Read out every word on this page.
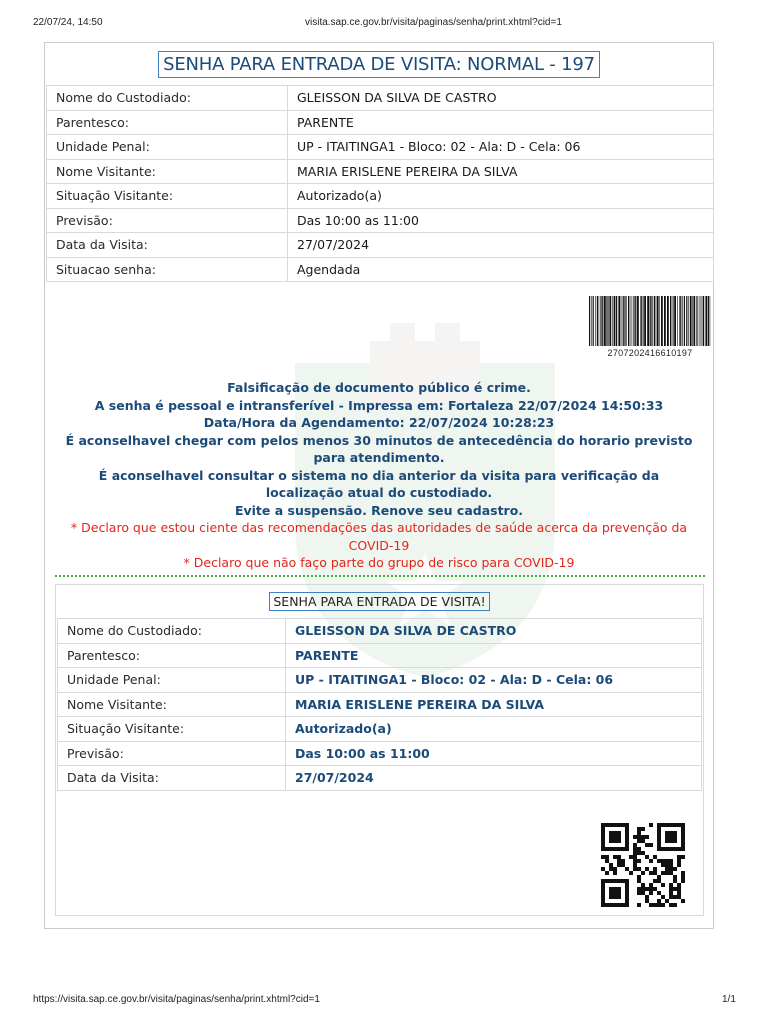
22/07/24, 14:50	visita.sap.ce.gov.br/visita/paginas/senha/print.xhtml?cid=1
SENHA PARA ENTRADA DE VISITA: NORMAL - 197
Nome do Custodiado:	GLEISSON DA SILVA DE CASTRO
Parentesco:	PARENTE
Unidade Penal:	UP - ITAITINGA1 - Bloco: 02 - Ala: D - Cela: 06
Nome Visitante:	MARIA ERISLENE PEREIRA DA SILVA
Situação Visitante:	Autorizado(a)
Previsão:	Das 10:00 as 11:00
Data da Visita:	27/07/2024
Situacao senha:	Agendada
2707202416610197
Falsificação de documento público é crime.
A senha é pessoal e intransferível - Impressa em: Fortaleza 22/07/2024 14:50:33 Data/Hora da Agendamento: 22/07/2024 10:28:23
É aconselhavel chegar com pelos menos 30 minutos de antecedência do horario previsto para atendimento.
É aconselhavel consultar o sistema no dia anterior da visita para verificação da localização atual do custodiado.
Evite a suspensão. Renove seu cadastro.
* Declaro que estou ciente das recomendações das autoridades de saúde acerca da prevenção da COVID-19
* Declaro que não faço parte do grupo de risco para COVID-19
SENHA PARA ENTRADA DE VISITA!
Nome do Custodiado:	GLEISSON DA SILVA DE CASTRO
Parentesco:	PARENTE
Unidade Penal:	UP - ITAITINGA1 - Bloco: 02 - Ala: D - Cela: 06
Nome Visitante:	MARIA ERISLENE PEREIRA DA SILVA
Situação Visitante:	Autorizado(a)
Previsão:	Das 10:00 as 11:00
Data da Visita:	27/07/2024
https://visita.sap.ce.gov.br/visita/paginas/senha/print.xhtml?cid=1	1/1
